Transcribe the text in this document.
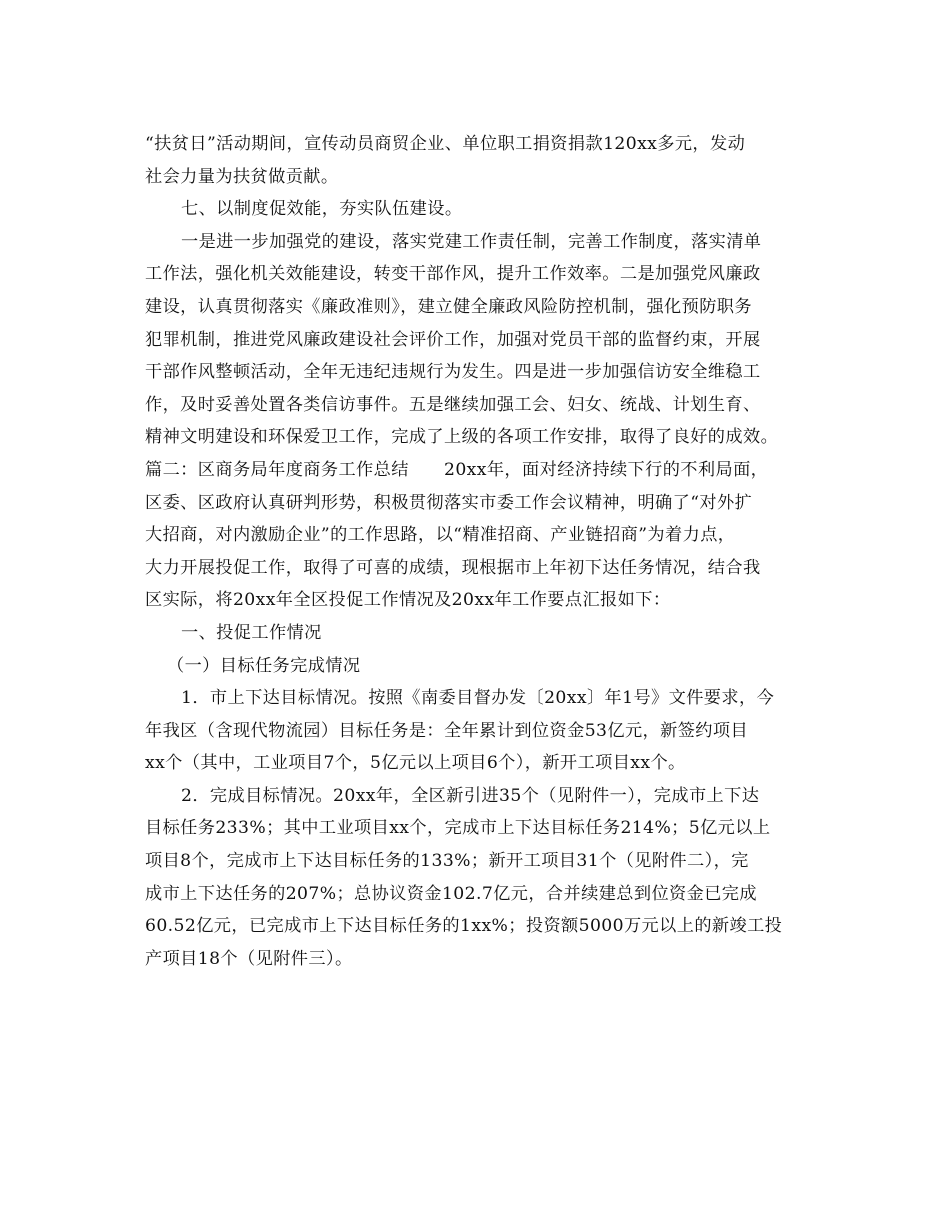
“扶贫日”活动期间，宣传动员商贸企业、单位职工捐资捐款120xx多元，发动
社会力量为扶贫做贡献。
七、以制度促效能，夯实队伍建设。
一是进一步加强党的建设，落实党建工作责任制，完善工作制度，落实清单
工作法，强化机关效能建设，转变干部作风，提升工作效率。二是加强党风廉政
建设，认真贯彻落实《廉政准则》，建立健全廉政风险防控机制，强化预防职务
犯罪机制，推进党风廉政建设社会评价工作，加强对党员干部的监督约束，开展
干部作风整顿活动，全年无违纪违规行为发生。四是进一步加强信访安全维稳工
作，及时妥善处置各类信访事件。五是继续加强工会、妇女、统战、计划生育、
精神文明建设和环保爱卫工作，完成了上级的各项工作安排，取得了良好的成效。
篇二：区商务局年度商务工作总结　　20xx年，面对经济持续下行的不利局面，
区委、区政府认真研判形势，积极贯彻落实市委工作会议精神，明确了“对外扩
大招商，对内激励企业”的工作思路，以“精准招商、产业链招商”为着力点，
大力开展投促工作，取得了可喜的成绩，现根据市上年初下达任务情况，结合我
区实际，将20xx年全区投促工作情况及20xx年工作要点汇报如下：
一、投促工作情况
（一）目标任务完成情况
1．市上下达目标情况。按照《南委目督办发〔20xx〕年1号》文件要求，今
年我区（含现代物流园）目标任务是：全年累计到位资金53亿元，新签约项目
xx个（其中，工业项目7个，5亿元以上项目6个），新开工项目xx个。
2．完成目标情况。20xx年，全区新引进35个（见附件一），完成市上下达
目标任务233%；其中工业项目xx个，完成市上下达目标任务214%；5亿元以上
项目8个，完成市上下达目标任务的133%；新开工项目31个（见附件二），完
成市上下达任务的207%；总协议资金102.7亿元，合并续建总到位资金已完成
60.52亿元，已完成市上下达目标任务的1xx%；投资额5000万元以上的新竣工投
产项目18个（见附件三）。
